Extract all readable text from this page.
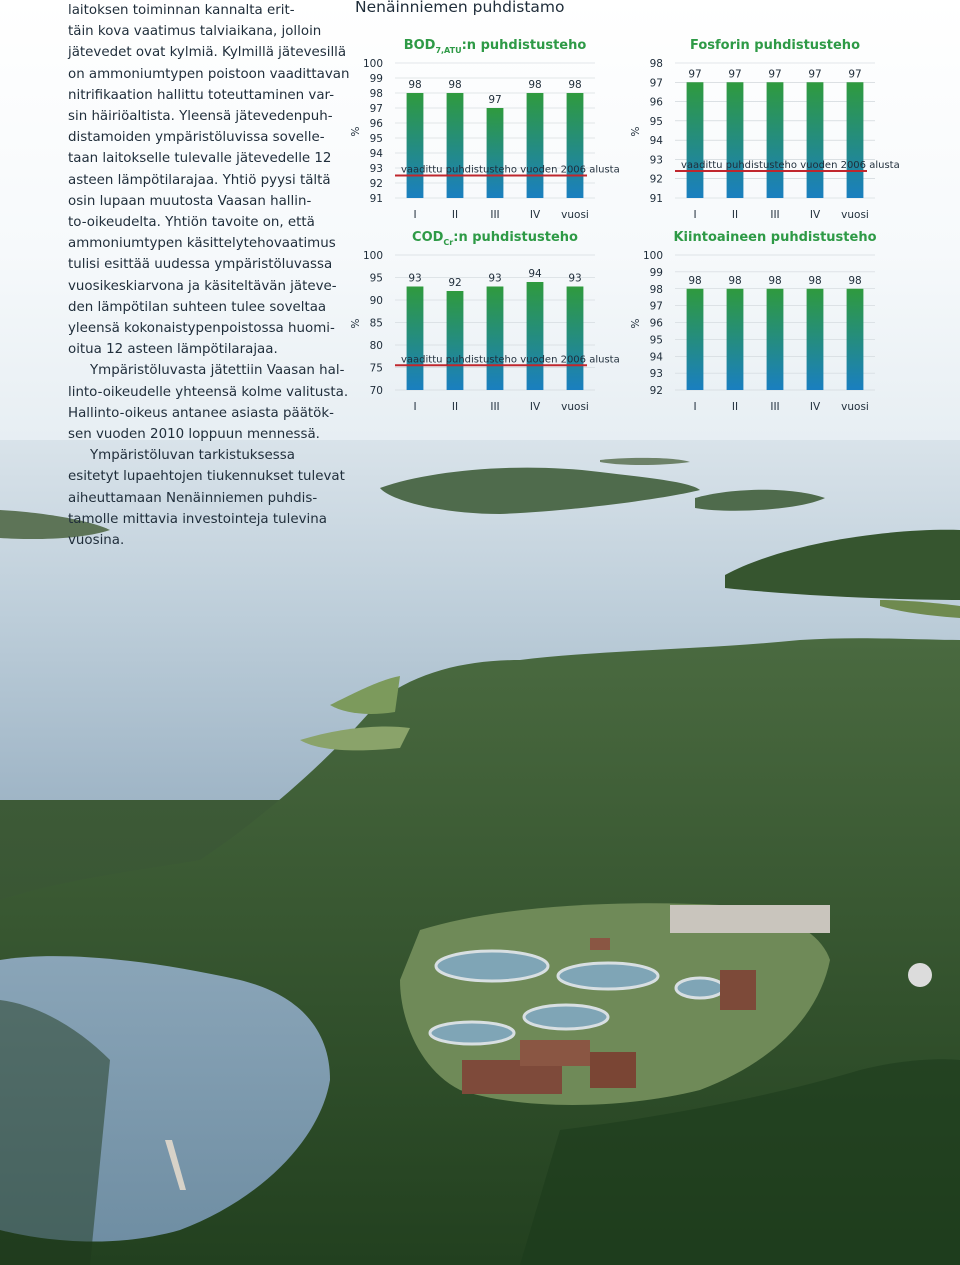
laitoksen toiminnan kannalta erit-
täin kova vaatimus talviaikana, jolloin
jätevedet ovat kylmiä. Kylmillä jätevesillä
on ammoniumtypen poistoon vaadittavan
nitrifikaation hallittu toteuttaminen var-
sin häiriöaltista. Yleensä jätevedenpuh-
distamoiden ympäristöluvissa sovelle-
taan laitokselle tulevalle jätevedelle 12
asteen lämpötilarajaa. Yhtiö pyysi tältä
osin lupaan muutosta Vaasan hallin-
to-oikeudelta. Yhtiön tavoite on, että
ammoniumtypen käsittelytehovaatimus
tulisi esittää uudessa ympäristöluvassa
vuosikeskiarvona ja käsiteltävän jäteve-
den lämpötilan suhteen tulee soveltaa
yleensä kokonaistypenpoistossa huomi-
oitua 12 asteen lämpötilarajaa.
Ympäristöluvasta jätettiin Vaasan hal-
linto-oikeudelle yhteensä kolme valitusta.
Hallinto-oikeus antanee asiasta päätök-
sen vuoden 2010 loppuun mennessä.
Ympäristöluvan tarkistuksessa
esitetyt lupaehtojen tiukennukset tulevat
aiheuttamaan Nenäinniemen puhdis-
tamolle mittavia investointeja tulevina
vuosina.
Nenäinniemen puhdistamo
$BOD_{7,ATU}:n$ puhdistusteho
91
92
93
94
95
96
97
98
99
100
%
98	98
97
98	98
vaadittu puhdistusteho vuoden 2006 alusta
I	II	III	IV vuosi
Fosforin puhdistusteho
91
92
93
94
95
96
97
98
%
97	97	97	97	97
vaadittu puhdistusteho vuoden 2006 alusta
I	II	III	IV vuosi
$COD_{Cr}:n$ puhdistusteho
70
75
80
85
90
95
100
%
93	92	93	94	93
vaadittu puhdistusteho vuoden 2006 alusta
I	II	III	IV vuosi
Kiintoaineen puhdistusteho
92
93
94
95
96
97
98
99
100
%
98	98	98	98	98
I	II	III	IV vuosi
